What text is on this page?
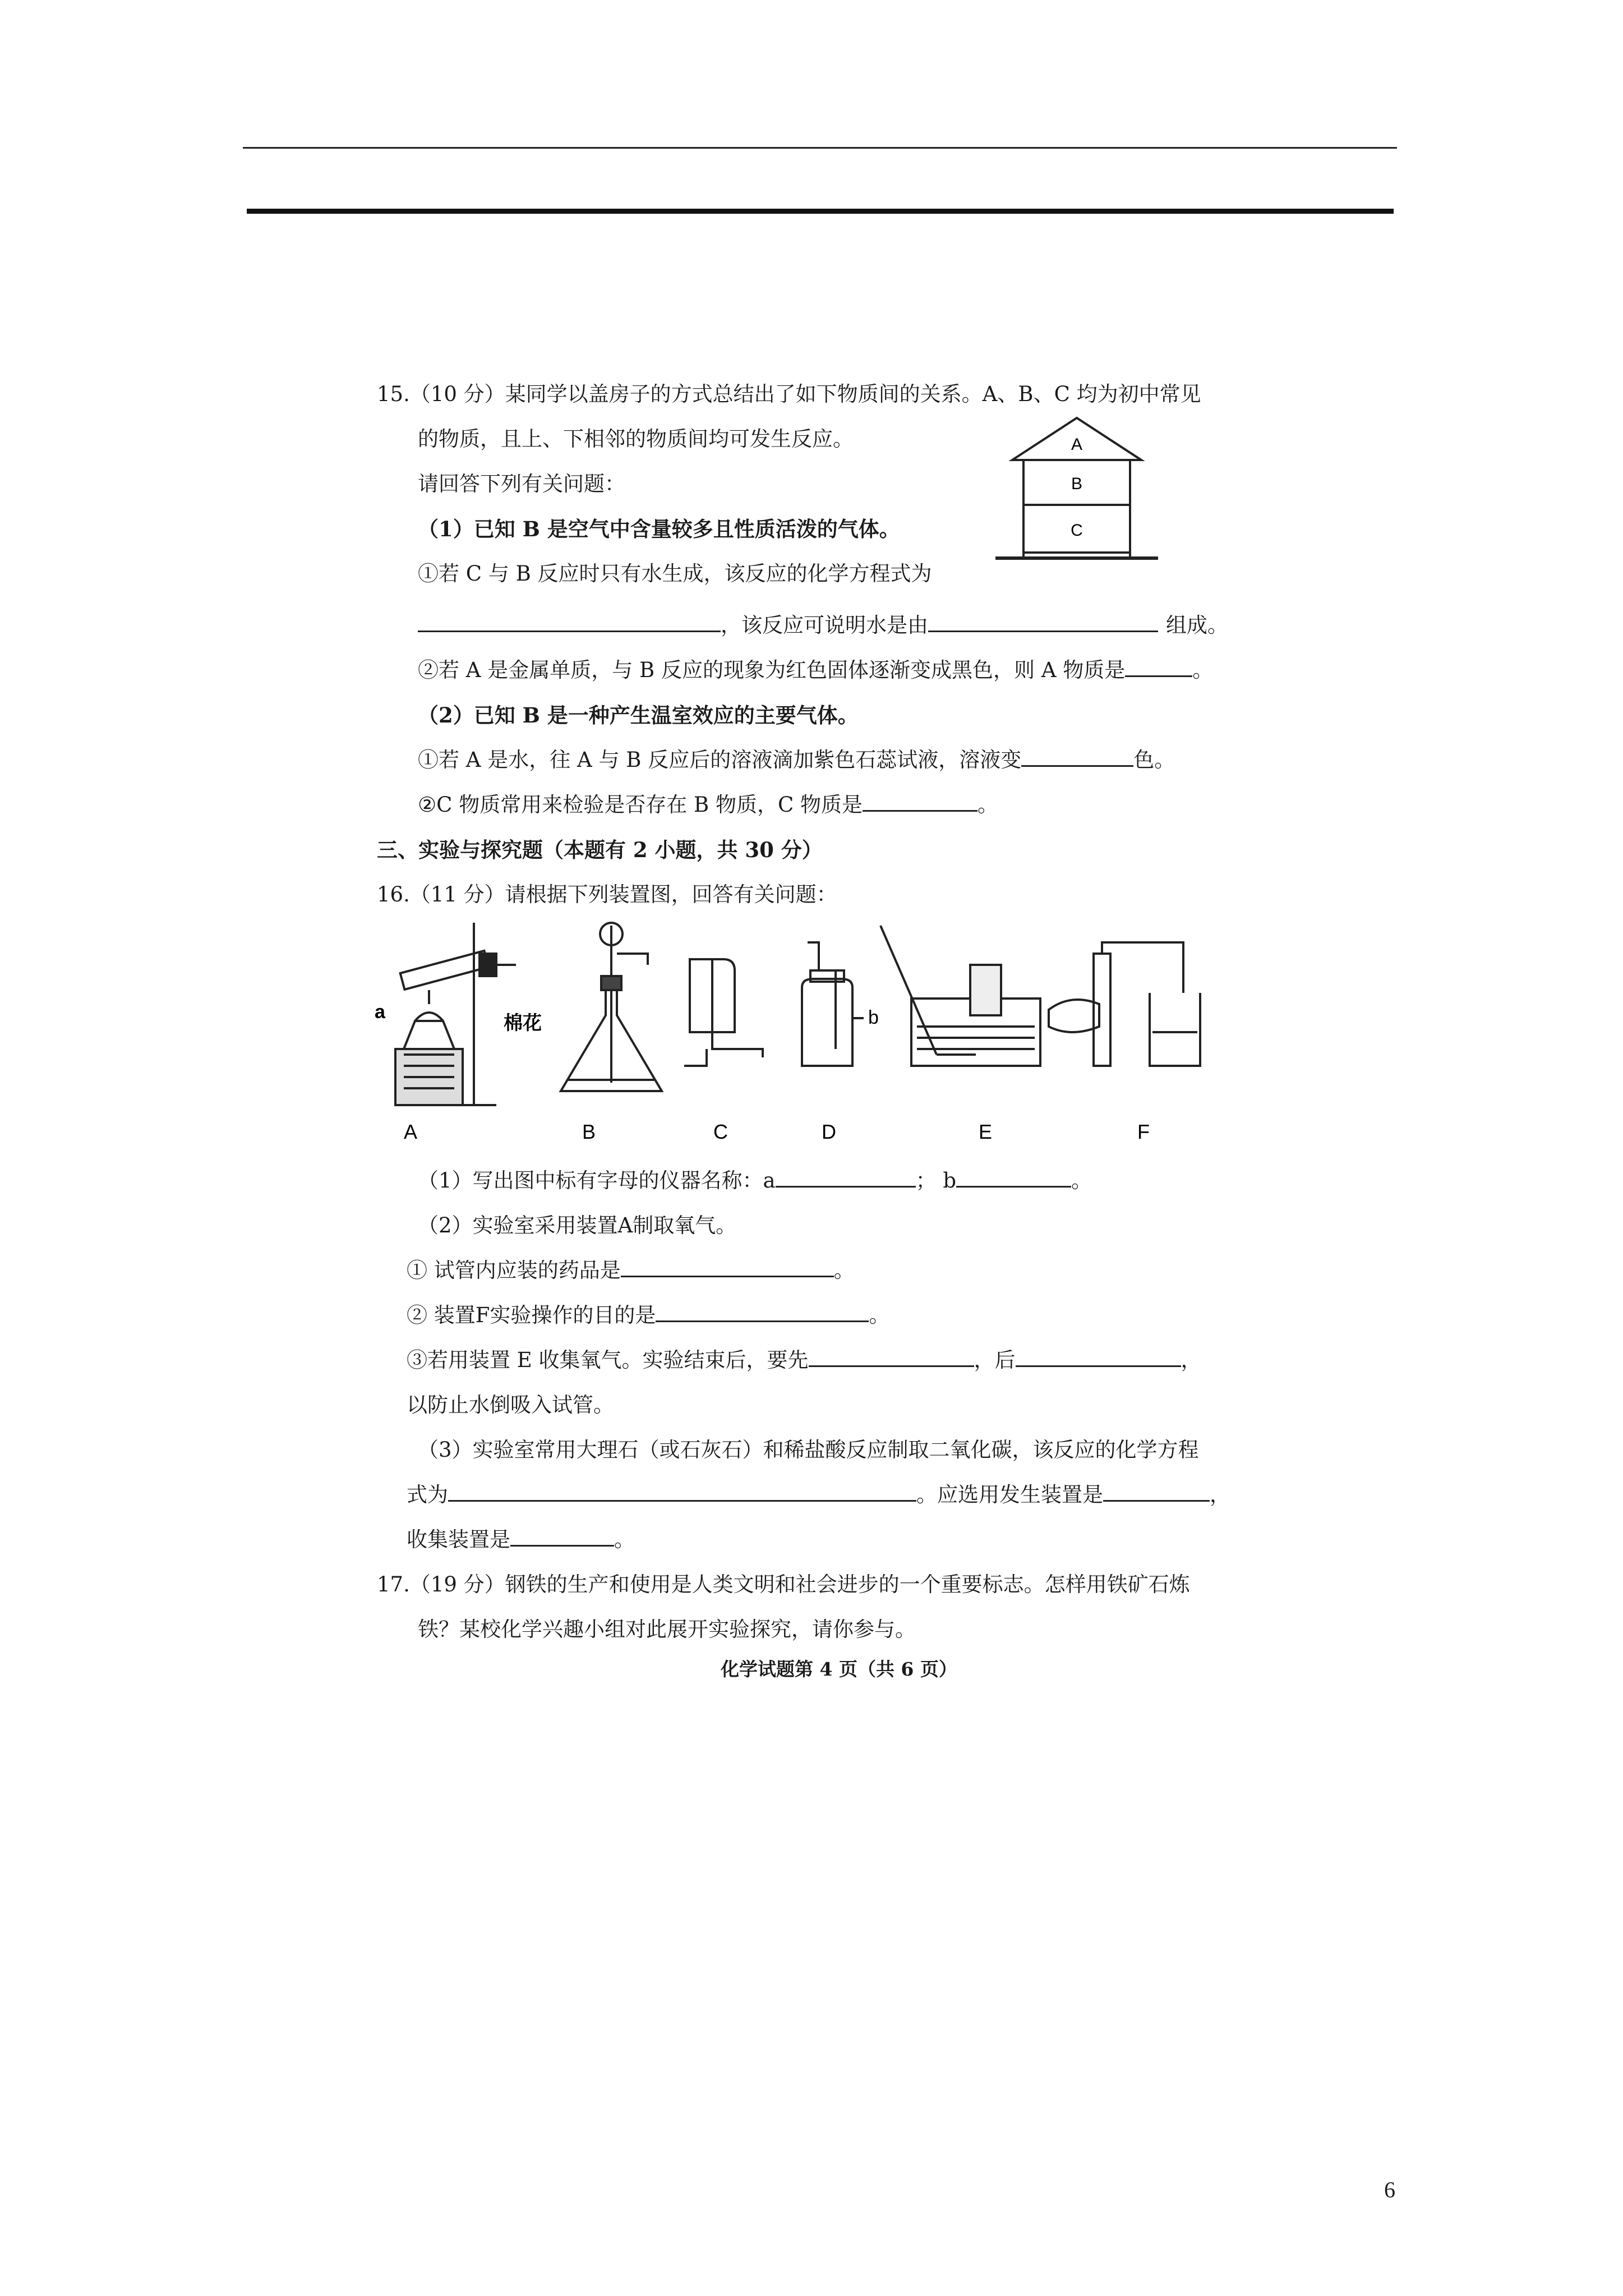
15.（10 分）某同学以盖房子的方式总结出了如下物质间的关系。A、B、C 均为初中常见
的物质，且上、下相邻的物质间均可发生反应。
请回答下列有关问题：
（1）已知 B 是空气中含量较多且性质活泼的气体。
①若 C 与 B 反应时只有水生成，该反应的化学方程式为
，该反应可说明水是由	组成。
②若 A 是金属单质，与 B 反应的现象为红色固体逐渐变成黑色，则 A 物质是	。
（2）已知 B 是一种产生温室效应的主要气体。
①若 A 是水，往 A 与 B 反应后的溶液滴加紫色石蕊试液，溶液变	色。
②C 物质常用来检验是否存在 B 物质，C 物质是	。
A
B
C
三、实验与探究题（本题有 2 小题，共 30 分）
16.（11 分）请根据下列装置图，回答有关问题：
a
棉花	b
A	B	C	D	E	F
（1）写出图中标有字母的仪器名称：a	； b	。
（2）实验室采用装置A制取氧气。
① 试管内应装的药品是	。
② 装置F实验操作的目的是	。
③若用装置 E 收集氧气。实验结束后，要先	，后	，
以防止水倒吸入试管。
（3）实验室常用大理石（或石灰石）和稀盐酸反应制取二氧化碳，该反应的化学方程
式为	。应选用发生装置是	，
收集装置是	。
17.（19 分）钢铁的生产和使用是人类文明和社会进步的一个重要标志。怎样用铁矿石炼
铁？某校化学兴趣小组对此展开实验探究，请你参与。
化学试题第 4 页（共 6 页）
6
